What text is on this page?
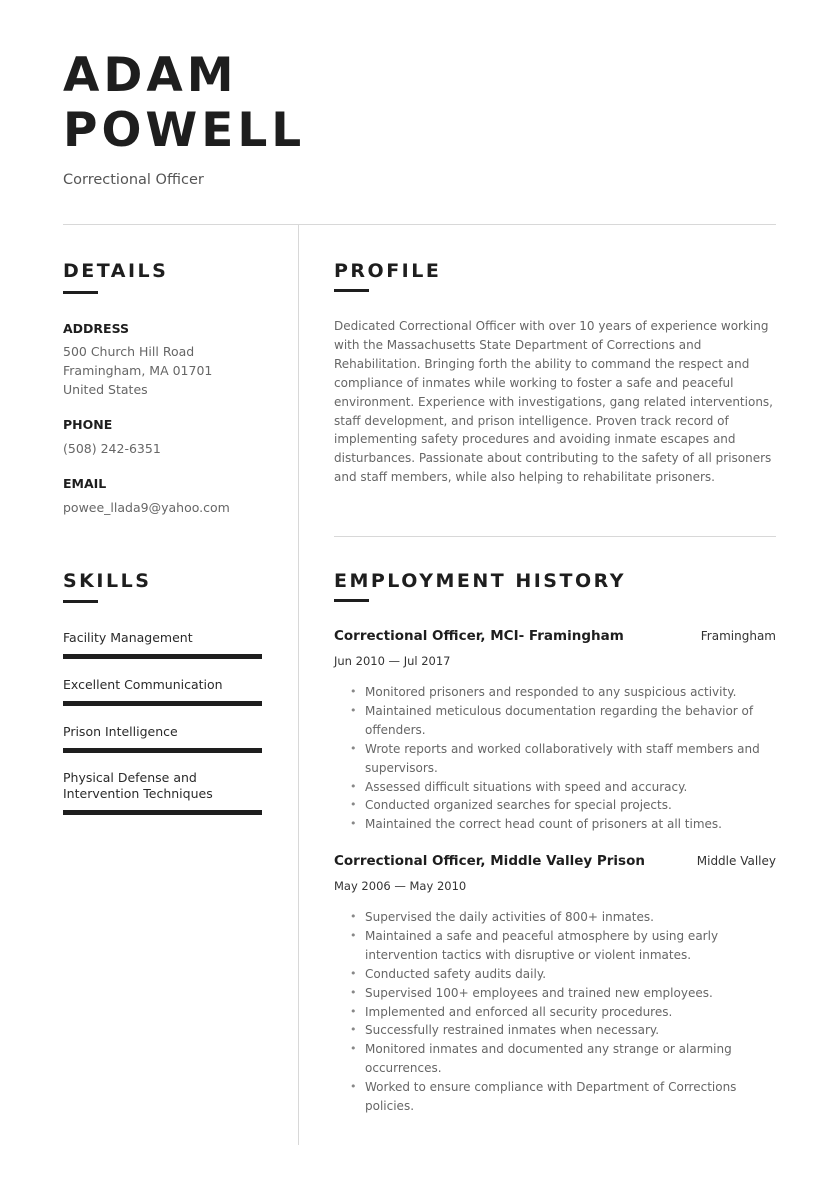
ADAM
POWELL
Correctional Officer
DETAILS
ADDRESS
500 Church Hill Road
Framingham, MA 01701
United States
PHONE
(508) 242-6351
EMAIL
powee_llada9@yahoo.com
SKILLS
Facility Management
Excellent Communication
Prison Intelligence
Physical Defense and
Intervention Techniques
PROFILE
Dedicated Correctional Officer with over 10 years of experience working with the Massachusetts State Department of Corrections and Rehabilitation. Bringing forth the ability to command the respect and compliance of inmates while working to foster a safe and peaceful environment. Experience with investigations, gang related interventions, staff development, and prison intelligence. Proven track record of implementing safety procedures and avoiding inmate escapes and disturbances. Passionate about contributing to the safety of all prisoners and staff members, while also helping to rehabilitate prisoners.
EMPLOYMENT HISTORY
Correctional Officer, MCI- Framingham	Framingham
Jun 2010 — Jul 2017
• Monitored prisoners and responded to any suspicious activity.
• Maintained meticulous documentation regarding the behavior of offenders.
• Wrote reports and worked collaboratively with staff members and supervisors.
• Assessed difficult situations with speed and accuracy.
• Conducted organized searches for special projects.
• Maintained the correct head count of prisoners at all times.
Correctional Officer, Middle Valley Prison	Middle Valley
May 2006 — May 2010
• Supervised the daily activities of 800+ inmates.
• Maintained a safe and peaceful atmosphere by using early intervention tactics with disruptive or violent inmates.
• Conducted safety audits daily.
• Supervised 100+ employees and trained new employees.
• Implemented and enforced all security procedures.
• Successfully restrained inmates when necessary.
• Monitored inmates and documented any strange or alarming occurrences.
• Worked to ensure compliance with Department of Corrections policies.
